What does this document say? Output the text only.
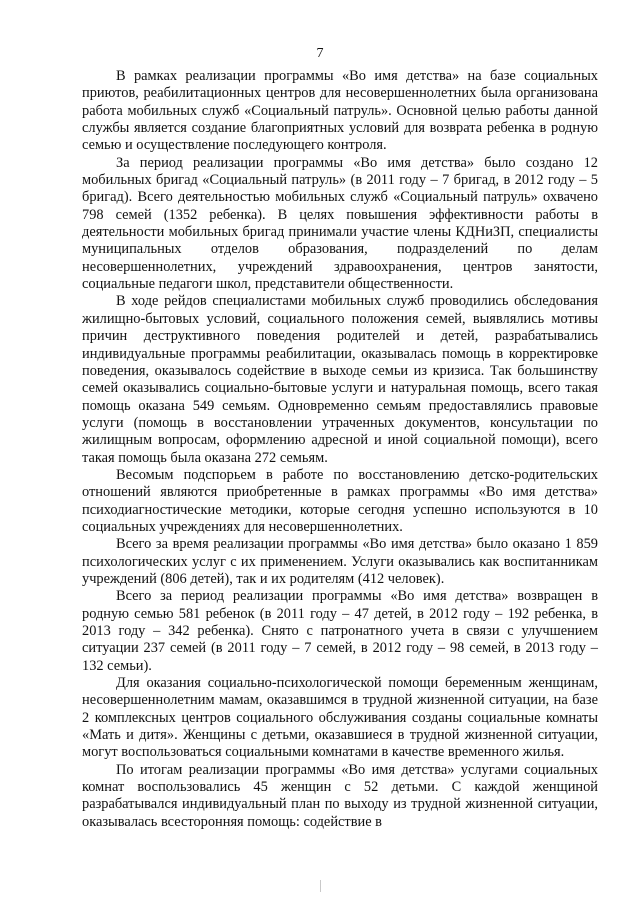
7

В рамках реализации программы «Во имя детства» на базе социальных приютов, реабилитационных центров для несовершеннолетних была организована работа мобильных служб «Социальный патруль». Основной целью работы данной службы является создание благоприятных условий для возврата ребенка в родную семью и осуществление последующего контроля.

За период реализации программы «Во имя детства» было создано 12 мобильных бригад «Социальный патруль» (в 2011 году – 7 бригад, в 2012 году – 5 бригад). Всего деятельностью мобильных служб «Социальный патруль» охвачено 798 семей (1352 ребенка). В целях повышения эффективности работы в деятельности мобильных бригад принимали участие члены КДНиЗП, специалисты муниципальных отделов образования, подразделений по делам несовершеннолетних, учреждений здравоохранения, центров занятости, социальные педагоги школ, представители общественности.

В ходе рейдов специалистами мобильных служб проводились обследования жилищно-бытовых условий, социального положения семей, выявлялись мотивы причин деструктивного поведения родителей и детей, разрабатывались индивидуальные программы реабилитации, оказывалась помощь в корректировке поведения, оказывалось содействие в выходе семьи из кризиса. Так большинству семей оказывались социально-бытовые услуги и натуральная помощь, всего такая помощь оказана 549 семьям. Одновременно семьям предоставлялись правовые услуги (помощь в восстановлении утраченных документов, консультации по жилищным вопросам, оформлению адресной и иной социальной помощи), всего такая помощь была оказана 272 семьям.

Весомым подспорьем в работе по восстановлению детско-родительских отношений являются приобретенные в рамках программы «Во имя детства» психодиагностические методики, которые сегодня успешно используются в 10 социальных учреждениях для несовершеннолетних.

Всего за время реализации программы «Во имя детства» было оказано 1 859 психологических услуг с их применением. Услуги оказывались как воспитанникам учреждений (806 детей), так и их родителям (412 человек).

Всего за период реализации программы «Во имя детства» возвращен в родную семью 581 ребенок (в 2011 году – 47 детей, в 2012 году – 192 ребенка, в 2013 году – 342 ребенка). Снято с патронатного учета в связи с улучшением ситуации 237 семей (в 2011 году – 7 семей, в 2012 году – 98 семей, в 2013 году – 132 семьи).

Для оказания социально-психологической помощи беременным женщинам, несовершеннолетним мамам, оказавшимся в трудной жизненной ситуации, на базе 2 комплексных центров социального обслуживания созданы социальные комнаты «Мать и дитя». Женщины с детьми, оказавшиеся в трудной жизненной ситуации, могут воспользоваться социальными комнатами в качестве временного жилья.

По итогам реализации программы «Во имя детства» услугами социальных комнат воспользовались 45 женщин с 52 детьми. С каждой женщиной разрабатывался индивидуальный план по выходу из трудной жизненной ситуации, оказывалась всесторонняя помощь: содействие в
